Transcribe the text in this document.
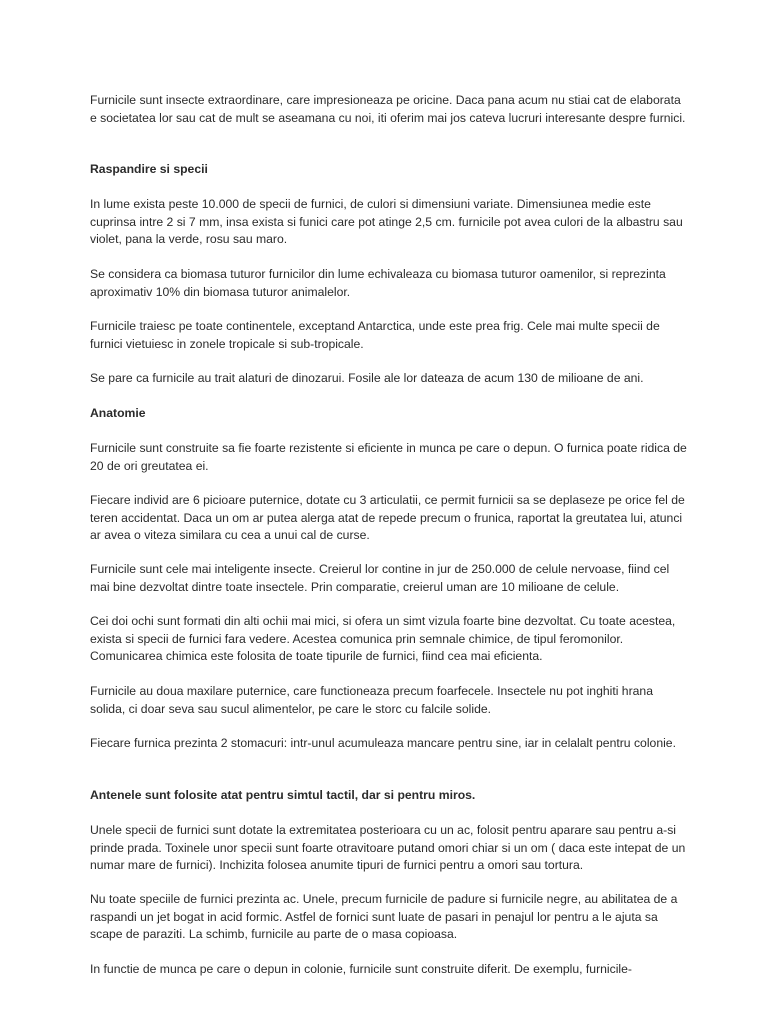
Furnicile sunt insecte extraordinare, care impresioneaza pe oricine. Daca pana acum nu stiai cat de elaborata e societatea lor sau cat de mult se aseamana cu noi, iti oferim mai jos cateva lucruri interesante despre furnici.

Raspandire si specii

In lume exista peste 10.000 de specii de furnici, de culori si dimensiuni variate. Dimensiunea medie este cuprinsa intre 2 si 7 mm, insa exista si funici care pot atinge 2,5 cm. furnicile pot avea culori de la albastru sau violet, pana la verde, rosu sau maro.

Se considera ca biomasa tuturor furnicilor din lume echivaleaza cu biomasa tuturor oamenilor, si reprezinta aproximativ 10% din biomasa tuturor animalelor.

Furnicile traiesc pe toate continentele, exceptand Antarctica, unde este prea frig. Cele mai multe specii de furnici vietuiesc in zonele tropicale si sub-tropicale.

Se pare ca furnicile au trait alaturi de dinozarui. Fosile ale lor dateaza de acum 130 de milioane de ani.

Anatomie

Furnicile sunt construite sa fie foarte rezistente si eficiente in munca pe care o depun. O furnica poate ridica de 20 de ori greutatea ei.

Fiecare individ are 6 picioare puternice, dotate cu 3 articulatii, ce permit furnicii sa se deplaseze pe orice fel de teren accidentat. Daca un om ar putea alerga atat de repede precum o frunica, raportat la greutatea lui, atunci ar avea o viteza similara cu cea a unui cal de curse.

Furnicile sunt cele mai inteligente insecte. Creierul lor contine in jur de 250.000 de celule nervoase, fiind cel mai bine dezvoltat dintre toate insectele. Prin comparatie, creierul uman are 10 milioane de celule.

Cei doi ochi sunt formati din alti ochii mai mici, si ofera un simt vizula foarte bine dezvoltat. Cu toate acestea, exista si specii de furnici fara vedere. Acestea comunica prin semnale chimice, de tipul feromonilor. Comunicarea chimica este folosita de toate tipurile de furnici, fiind cea mai eficienta.

Furnicile au doua maxilare puternice, care functioneaza precum foarfecele. Insectele nu pot inghiti hrana solida, ci doar seva sau sucul alimentelor, pe care le storc cu falcile solide.

Fiecare furnica prezinta 2 stomacuri: intr-unul acumuleaza mancare pentru sine, iar in celalalt pentru colonie.

Antenele sunt folosite atat pentru simtul tactil, dar si pentru miros.

Unele specii de furnici sunt dotate la extremitatea posterioara cu un ac, folosit pentru aparare sau pentru a-si prinde prada. Toxinele unor specii sunt foarte otravitoare putand omori chiar si un om ( daca este intepat de un numar mare de furnici). Inchizita folosea anumite tipuri de furnici pentru a omori sau tortura.

Nu toate speciile de furnici prezinta ac. Unele, precum furnicile de padure si furnicile negre, au abilitatea de a raspandi un jet bogat in acid formic. Astfel de fornici sunt luate de pasari in penajul lor pentru a le ajuta sa scape de paraziti. La schimb, furnicile au parte de o masa copioasa.

In functie de munca pe care o depun in colonie, furnicile sunt construite diferit. De exemplu, furnicile-
